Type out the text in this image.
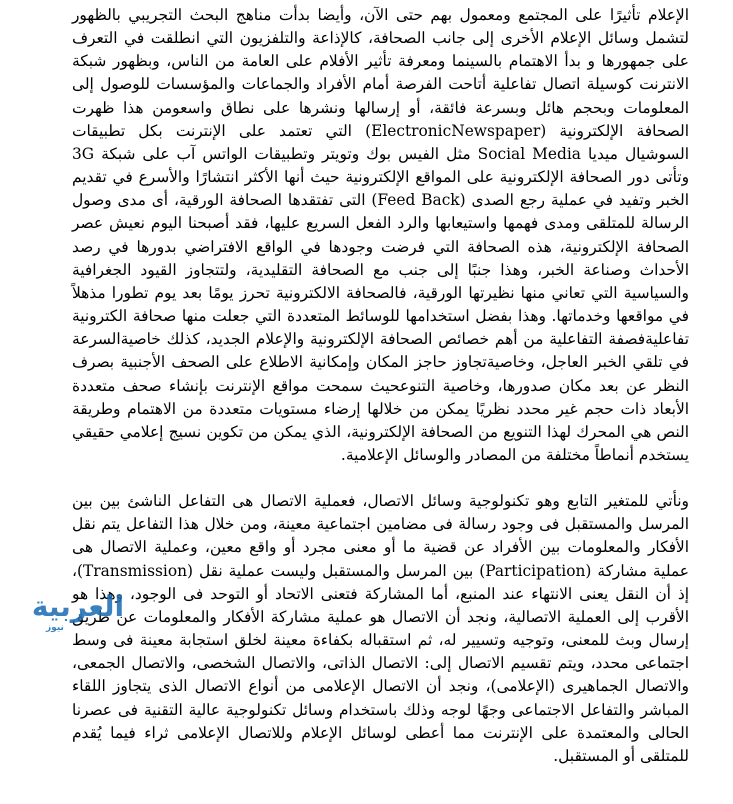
الإعلام تأثيرًا على المجتمع ومعمول بهم حتى الآن، وأيضا بدأت مناهج البحث التجريبي بالظهور لتشمل وسائل الإعلام الأخرى إلى جانب الصحافة، كالإذاعة والتلفزيون التي انطلقت في التعرف على جمهورها و بدأ الاهتمام بالسينما ومعرفة تأثير الأفلام على العامة من الناس، وبظهور شبكة الانترنت كوسيلة اتصال تفاعلية أتاحت الفرصة أمام الأفراد والجماعات والمؤسسات للوصول إلى المعلومات وبحجم هائل وبسرعة فائقة، أو إرسالها ونشرها على نطاق واسعومن هذا ظهرت الصحافة الإلكترونية (ElectronicNewspaper) التي تعتمد على الإنترنت بكل تطبيقات السوشيال ميديا Social Media مثل الفيس بوك وتويتر وتطبيقات الواتس آب على شبكة 3G وتأتى دور الصحافة الإلكترونية على المواقع الإلكترونية حيث أنها الأكثر انتشارًا والأسرع في تقديم الخبر وتفيد في عملية رجع الصدى (Feed Back) التى تفتقدها الصحافة الورقية، أى مدى وصول الرسالة للمتلقى ومدى فهمها واستيعابها والرد الفعل السريع عليها، فقد أصبحنا اليوم نعيش عصر الصحافة الإلكترونية، هذه الصحافة التي فرضت وجودها في الواقع الافتراضي بدورها في رصد الأحداث وصناعة الخبر، وهذا جنبًا إلى جنب مع الصحافة التقليدية، ولتتجاوز القيود الجغرافية والسياسية التي تعاني منها نظيرتها الورقية، فالصحافة الالكترونية تحرز يومًا بعد يوم تطورا مذهلاً في مواقعها وخدماتها. وهذا بفضل استخدامها للوسائط المتعددة التي جعلت منها صحافة الكترونية تفاعليةفصفة التفاعلية من أهم خصائص الصحافة الإلكترونية والإعلام الجديد، كذلك خاصيةالسرعة في تلقي الخبر العاجل، وخاصيةتجاوز حاجز المكان وإمكانية الاطلاع على الصحف الأجنبية بصرف النظر عن بعد مكان صدورها، وخاصية التنوعحيث سمحت مواقع الإنترنت بإنشاء صحف متعددة الأبعاد ذات حجم غير محدد نظريًا يمكن من خلالها إرضاء مستويات متعددة من الاهتمام وطريقة النص هي المحرك لهذا التنويع من الصحافة الإلكترونية، الذي يمكن من تكوين نسيج إعلامي حقيقي يستخدم أنماطاً مختلفة من المصادر والوسائل الإعلامية.

ونأتي للمتغير التابع وهو تكنولوجية وسائل الاتصال، فعملية الاتصال هى التفاعل الناشئ بين بين المرسل والمستقبل فى وجود رسالة فى مضامين اجتماعية معينة، ومن خلال هذا التفاعل يتم نقل الأفكار والمعلومات بين الأفراد عن قضية ما أو معنى مجرد أو واقع معين، وعملية الاتصال هى عملية مشاركة (Participation) بين المرسل والمستقبل وليست عملية نقل (Transmission)، إذ أن النقل يعنى الانتهاء عند المنبع، أما المشاركة فتعنى الاتحاد أو التوحد فى الوجود، وهذا هو الأقرب إلى العملية الاتصالية، ونجد أن الاتصال هو عملية مشاركة الأفكار والمعلومات عن طريق إرسال وبث للمعنى، وتوجيه وتسيير له، ثم استقباله بكفاءة معينة لخلق استجابة معينة فى وسط اجتماعى محدد، ويتم تقسيم الاتصال إلى: الاتصال الذاتى، والاتصال الشخصى، والاتصال الجمعى، والاتصال الجماهيرى (الإعلامى)، ونجد أن الاتصال الإعلامى من أنواع الاتصال الذى يتجاوز اللقاء المباشر والتفاعل الاجتماعى وجهًا لوجه وذلك باستخدام وسائل تكنولوجية عالية التقنية فى عصرنا الحالى والمعتمدة على الإنترنت مما أعطى لوسائل الإعلام وللاتصال الإعلامى ثراء فيما يُقدم للمتلقى أو المستقبل.

العربية
نيوز
